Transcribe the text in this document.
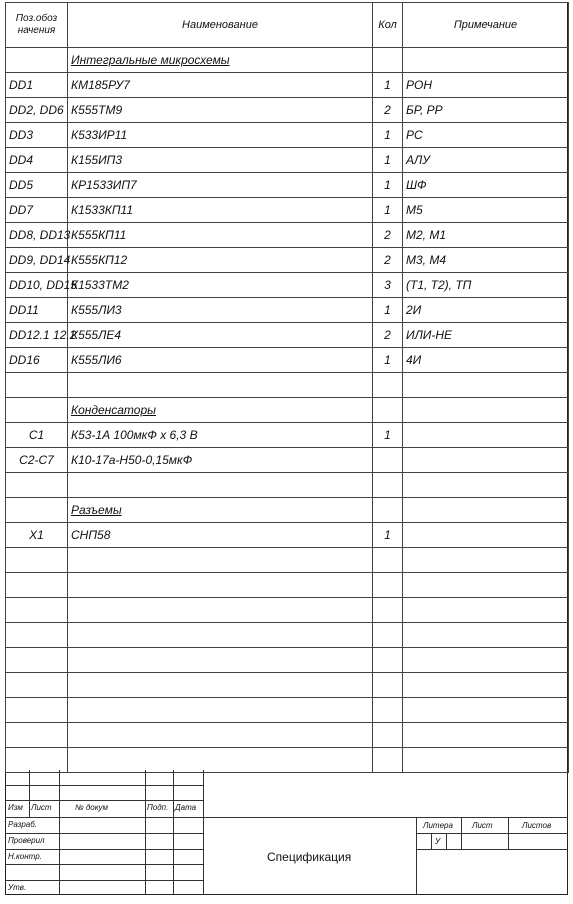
Поз.обоз начения	Наименование	Кол	Примечание
	Интегральные микросхемы		
DD1	КМ185РУ7	1	РОН
DD2, DD6	К555ТМ9	2	БР, РР
DD3	К533ИР11	1	РС
DD4	К155ИП3	1	АЛУ
DD5	КР1533ИП7	1	ШФ
DD7	К1533КП11	1	М5
DD8, DD13	К555КП11	2	М2, М1
DD9, DD14	К555КП12	2	М3, М4
DD10, DD15	К1533ТМ2	3	(Т1, Т2), ТП
DD11	К555ЛИ3	1	2И
DD12.1 12.2	К555ЛЕ4	2	ИЛИ-НЕ
DD16	К555ЛИ6	1	4И

	Конденсаторы		
C1	К53-1А 100мкФ х 6,3 В	1	
C2-C7	К10-17а-Н50-0,15мкФ		

	Разъемы		
X1	СНП58	1	

Изм Лист	№ докум	Подп. Дата
Разраб.
Проверил
Н.контр.
Утв.
Спецификация
Литера Лист	Листов
У
